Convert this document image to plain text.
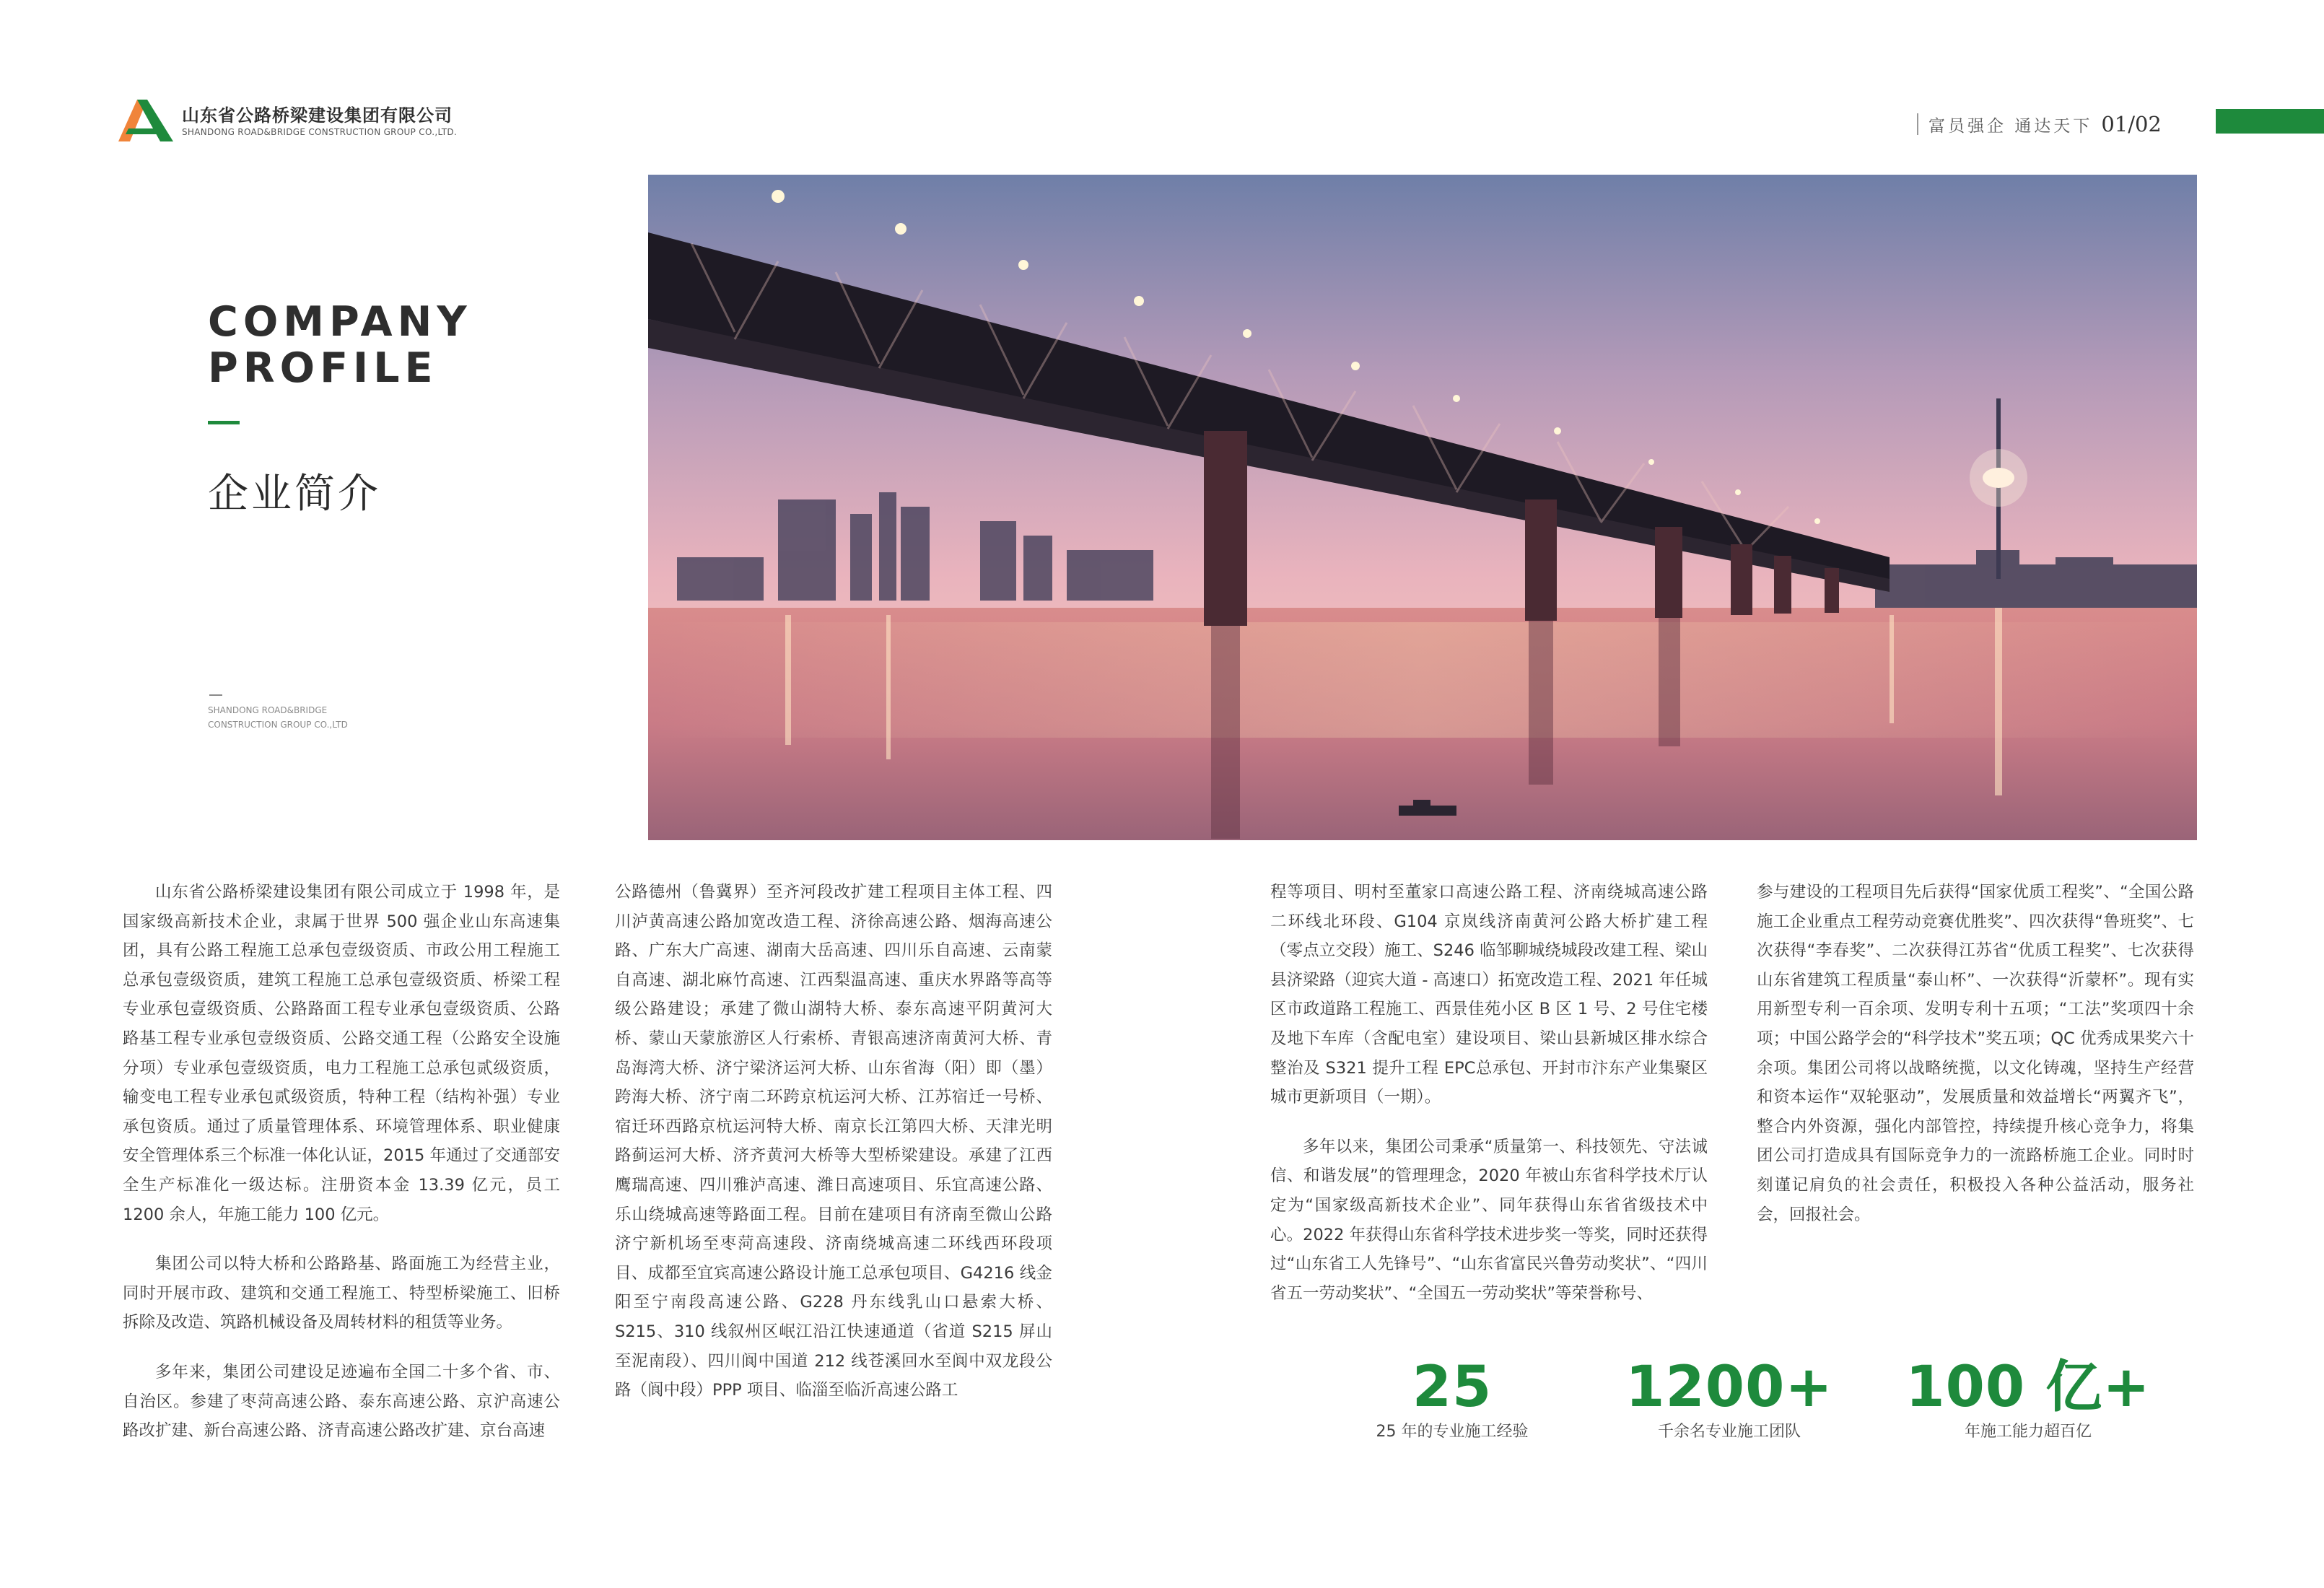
山东省公路桥梁建设集团有限公司
SHANDONG ROAD&BRIDGE CONSTRUCTION GROUP CO.,LTD.	富员强企 通达天下 01/02
COMPANY
PROFILE
企业简介
SHANDONG ROAD&BRIDGE
CONSTRUCTION GROUP CO.,LTD

山东省公路桥梁建设集团有限公司成立于 1998 年，是国家级高新技术企业，隶属于世界 500 强企业山东高速集团，具有公路工程施工总承包壹级资质、市政公用工程施工总承包壹级资质，建筑工程施工总承包壹级资质、桥梁工程专业承包壹级资质、公路路面工程专业承包壹级资质、公路路基工程专业承包壹级资质、公路交通工程（公路安全设施分项）专业承包壹级资质，电力工程施工总承包贰级资质，输变电工程专业承包贰级资质，特种工程（结构补强）专业承包资质。通过了质量管理体系、环境管理体系、职业健康安全管理体系三个标准一体化认证，2015 年通过了交通部安全生产标准化一级达标。注册资本金 13.39 亿元，员工 1200 余人，年施工能力 100 亿元。

集团公司以特大桥和公路路基、路面施工为经营主业，同时开展市政、建筑和交通工程施工、特型桥梁施工、旧桥拆除及改造、筑路机械设备及周转材料的租赁等业务。

多年来，集团公司建设足迹遍布全国二十多个省、市、自治区。参建了枣菏高速公路、泰东高速公路、京沪高速公路改扩建、新台高速公路、济青高速公路改扩建、京台高速

公路德州（鲁冀界）至齐河段改扩建工程项目主体工程、四川泸黄高速公路加宽改造工程、济徐高速公路、烟海高速公路、广东大广高速、湖南大岳高速、四川乐自高速、云南蒙自高速、湖北麻竹高速、江西梨温高速、重庆水界路等高等级公路建设；承建了微山湖特大桥、泰东高速平阴黄河大桥、蒙山天蒙旅游区人行索桥、青银高速济南黄河大桥、青岛海湾大桥、济宁梁济运河大桥、山东省海（阳）即（墨）跨海大桥、济宁南二环跨京杭运河大桥、江苏宿迁一号桥、宿迁环西路京杭运河特大桥、南京长江第四大桥、天津光明路蓟运河大桥、济齐黄河大桥等大型桥梁建设。承建了江西鹰瑞高速、四川雅泸高速、潍日高速项目、乐宜高速公路、乐山绕城高速等路面工程。目前在建项目有济南至微山公路济宁新机场至枣菏高速段、济南绕城高速二环线西环段项目、成都至宜宾高速公路设计施工总承包项目、G4216 线金阳至宁南段高速公路、G228 丹东线乳山口悬索大桥、S215、310 线叙州区岷江沿江快速通道（省道 S215 屏山至泥南段）、四川阆中国道 212 线苍溪回水至阆中双龙段公路（阆中段）PPP 项目、临淄至临沂高速公路工

程等项目、明村至董家口高速公路工程、济南绕城高速公路二环线北环段、G104 京岚线济南黄河公路大桥扩建工程（零点立交段）施工、S246 临邹聊城绕城段改建工程、梁山县济梁路（迎宾大道 - 高速口）拓宽改造工程、2021 年任城区市政道路工程施工、西景佳苑小区 B 区 1 号、2 号住宅楼及地下车库（含配电室）建设项目、梁山县新城区排水综合整治及 S321 提升工程 EPC总承包、开封市汴东产业集聚区城市更新项目（一期）。

多年以来，集团公司秉承“质量第一、科技领先、守法诚信、和谐发展”的管理理念，2020 年被山东省科学技术厅认定为“国家级高新技术企业”、同年获得山东省省级技术中心。2022 年获得山东省科学技术进步奖一等奖，同时还获得过“山东省工人先锋号”、“山东省富民兴鲁劳动奖状”、“四川省五一劳动奖状”、“全国五一劳动奖状”等荣誉称号、

参与建设的工程项目先后获得“国家优质工程奖”、“全国公路施工企业重点工程劳动竞赛优胜奖”、四次获得“鲁班奖”、七次获得“李春奖”、二次获得江苏省“优质工程奖”、七次获得山东省建筑工程质量“泰山杯”、一次获得“沂蒙杯”。现有实用新型专利一百余项、发明专利十五项；“工法”奖项四十余项；中国公路学会的“科学技术”奖五项；QC 优秀成果奖六十余项。集团公司将以战略统揽，以文化铸魂，坚持生产经营和资本运作“双轮驱动”，发展质量和效益增长“两翼齐飞”，整合内外资源，强化内部管控，持续提升核心竞争力，将集团公司打造成具有国际竞争力的一流路桥施工企业。同时时刻谨记肩负的社会责任，积极投入各种公益活动，服务社会，回报社会。

25
25 年的专业施工经验
1200+
千余名专业施工团队
100 亿+
年施工能力超百亿
